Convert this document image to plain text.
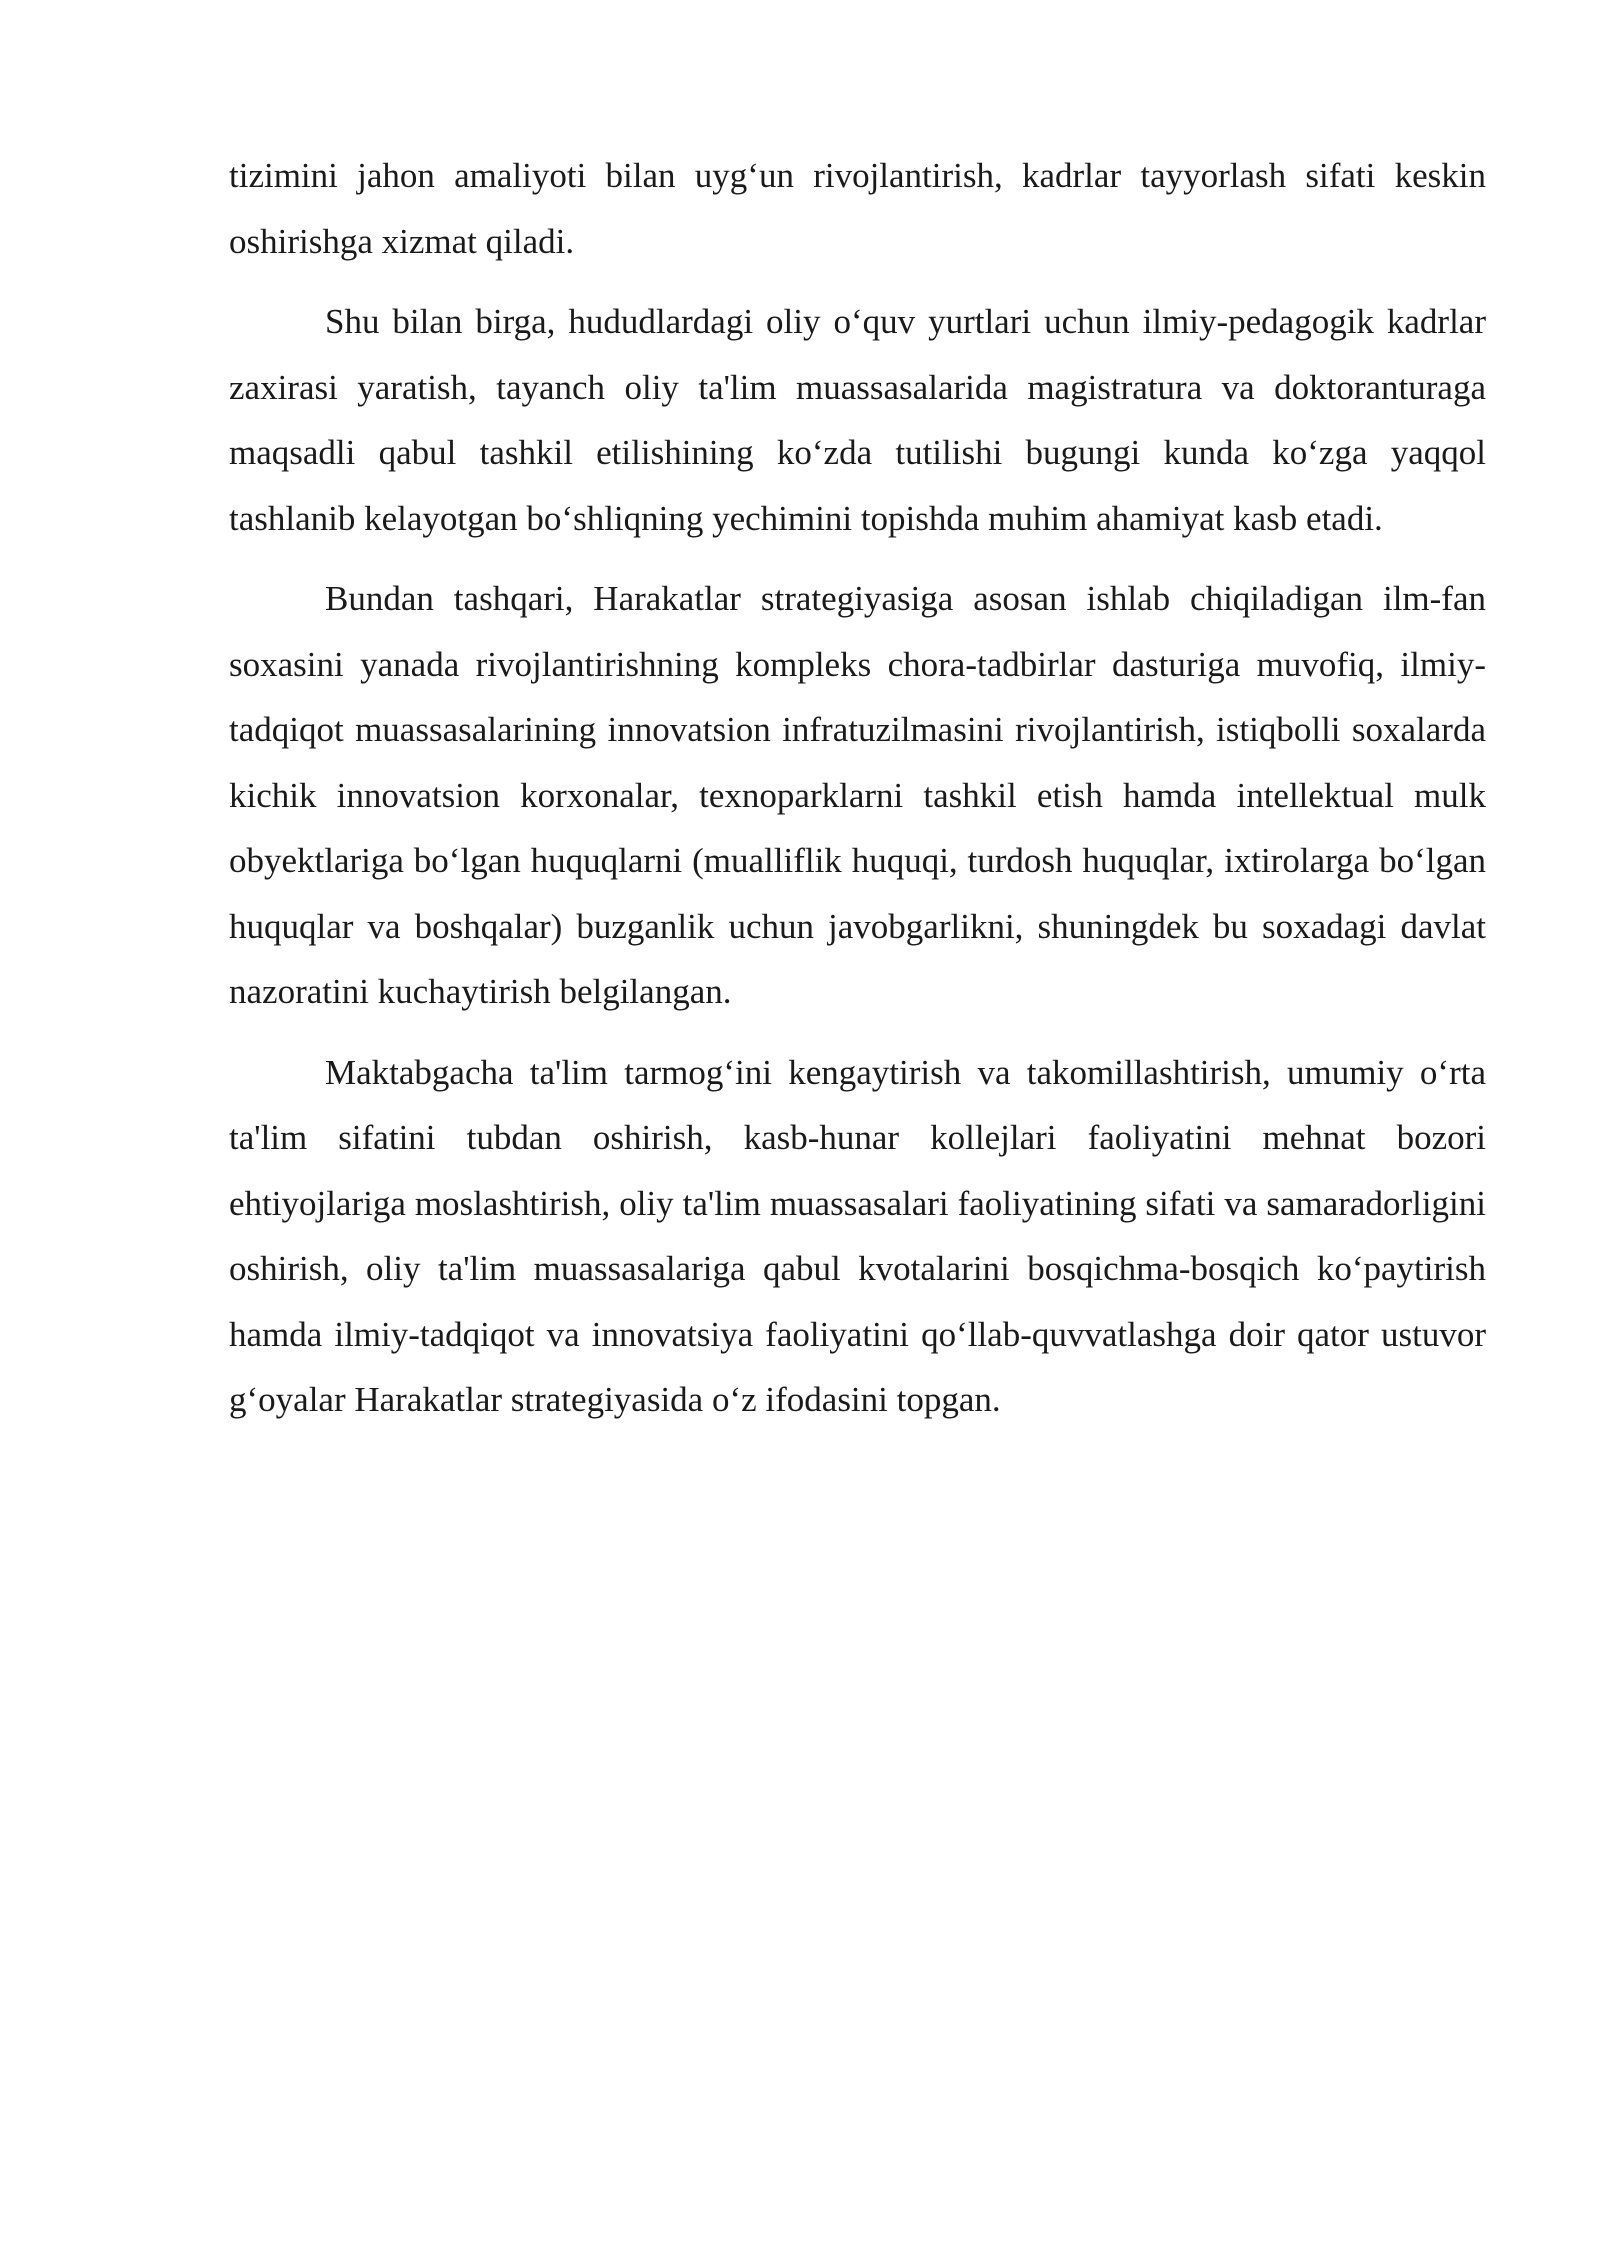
tizimini jahon amaliyoti bilan uyg‘un rivojlantirish, kadrlar tayyorlash sifati keskin oshirishga xizmat qiladi.

Shu bilan birga, hududlardagi oliy o‘quv yurtlari uchun ilmiy-pedagogik kadrlar zaxirasi yaratish, tayanch oliy ta'lim muassasalarida magistratura va doktoranturaga maqsadli qabul tashkil etilishining ko‘zda tutilishi bugungi kunda ko‘zga yaqqol tashlanib kelayotgan bo‘shliqning yechimini topishda muhim ahamiyat kasb etadi.

Bundan tashqari, Harakatlar strategiyasiga asosan ishlab chiqiladigan ilm-fan soxasini yanada rivojlantirishning kompleks chora-tadbirlar dasturiga muvofiq, ilmiy-tadqiqot muassasalarining innovatsion infratuzilmasini rivojlantirish, istiqbolli soxalarda kichik innovatsion korxonalar, texnoparklarni tashkil etish hamda intellektual mulk obyektlariga bo‘lgan huquqlarni (mualliflik huquqi, turdosh huquqlar, ixtirolarga bo‘lgan huquqlar va boshqalar) buzganlik uchun javobgarlikni, shuningdek bu soxadagi davlat nazoratini kuchaytirish belgilangan.

Maktabgacha ta'lim tarmog‘ini kengaytirish va takomillashtirish, umumiy o‘rta ta'lim sifatini tubdan oshirish, kasb-hunar kollejlari faoliyatini mehnat bozori ehtiyojlariga moslashtirish, oliy ta'lim muassasalari faoliyatining sifati va samaradorligini oshirish, oliy ta'lim muassasalariga qabul kvotalarini bosqichma-bosqich ko‘paytirish hamda ilmiy-tadqiqot va innovatsiya faoliyatini qo‘llab-quvvatlashga doir qator ustuvor g‘oyalar Harakatlar strategiyasida o‘z ifodasini topgan.
